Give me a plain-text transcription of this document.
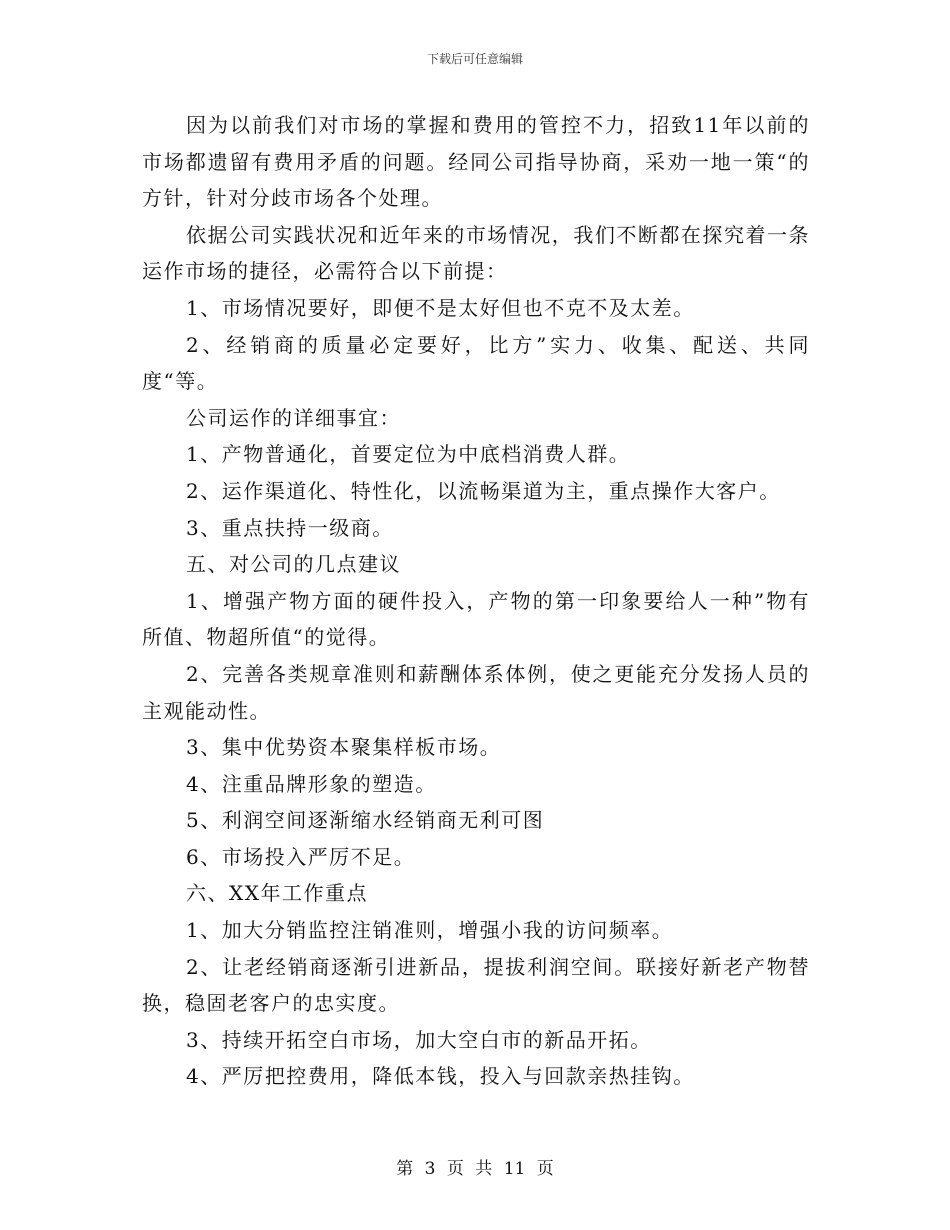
下载后可任意编辑

因为以前我们对市场的掌握和费用的管控不力，招致11年以前的市场都遗留有费用矛盾的问题。经同公司指导协商，采劝一地一策“的方针，针对分歧市场各个处理。

依据公司实践状况和近年来的市场情况，我们不断都在探究着一条运作市场的捷径，必需符合以下前提：

1、市场情况要好，即便不是太好但也不克不及太差。

2、经销商的质量必定要好，比方”实力、收集、配送、共同度“等。

公司运作的详细事宜：

1、产物普通化，首要定位为中底档消费人群。

2、运作渠道化、特性化，以流畅渠道为主，重点操作大客户。

3、重点扶持一级商。

五、对公司的几点建议

1、增强产物方面的硬件投入，产物的第一印象要给人一种”物有所值、物超所值“的觉得。

2、完善各类规章准则和薪酬体系体例，使之更能充分发扬人员的主观能动性。

3、集中优势资本聚集样板市场。

4、注重品牌形象的塑造。

5、利润空间逐渐缩水经销商无利可图

6、市场投入严厉不足。

六、XX年工作重点

1、加大分销监控注销准则，增强小我的访问频率。

2、让老经销商逐渐引进新品，提拔利润空间。联接好新老产物替换，稳固老客户的忠实度。

3、持续开拓空白市场，加大空白市的新品开拓。

4、严厉把控费用，降低本钱，投入与回款亲热挂钩。

第 3 页 共 11 页
